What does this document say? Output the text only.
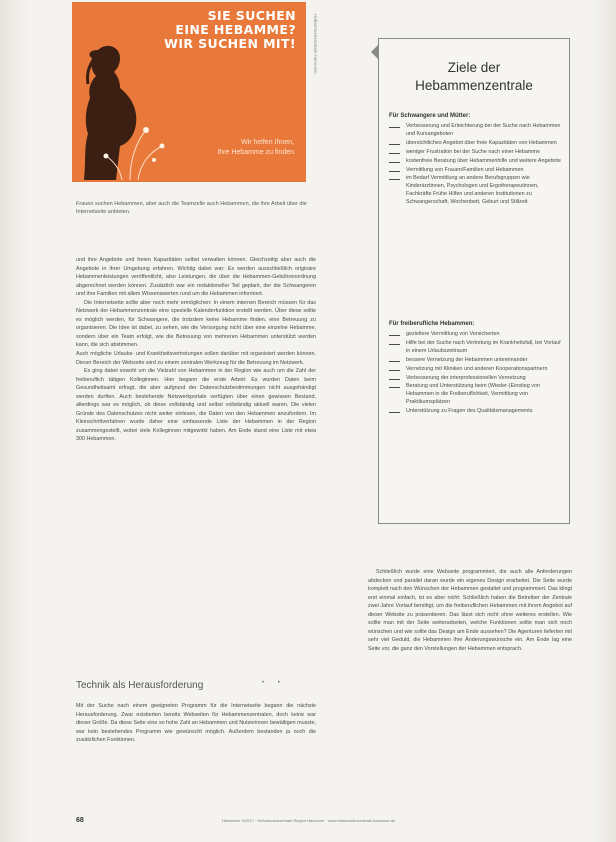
SIE SUCHEN
EINE HEBAMME?
WIR SUCHEN MIT!
Wir helfen Ihnen,
Ihre Hebamme zu finden
Hebammenzentrale Hannover
Frauen suchen Hebammen, aber auch die Teamzelle auch Hebammen, die ihre Arbeit über die Internetseite anbieten.

und ihre Angebote und freien Kapazitäten selbst verwalten können. Gleichzeitig aber auch die Angebote in ihrer Umgebung erfahren. Wichtig dabei war: Es werden ausschließlich originäre Hebammenleistungen veröffentlicht, also Leistungen, die über die Hebammen-Gebührenordnung abgerechnet werden können. Zusätzlich war ein redaktioneller Teil geplant, der die Schwangeren und ihre Familien mit allem Wissenswerten rund um die Hebammen informiert.

Die Internetseite sollte aber noch mehr ermöglichen: In einem internen Bereich müssen für das Netzwerk der Hebammenzentrale eine spezielle Kalenderfunktion erstellt werden. Über diese sollte es möglich werden, für Schwangere, die trotzdem keine Hebamme finden, eine Betreuung zu organisieren. Die Idee ist dabei, zu sehen, wie die Versorgung nicht über eine einzelne Hebamme, sondern über ein Team erfolgt, wie die Betreuung von mehreren Hebammen unterstützt werden kann, die sich abstimmen.

Auch mögliche Urlaubs- und Krankheitsvertretungen sollen darüber mit organisiert werden können. Dieser Bereich der Webseite wird zu einem zentralen Werkzeug für die Betreuung im Netzwerk.

Es ging dabei sowohl um die Vielzahl von Hebammen in der Region wie auch um die Zahl der freiberuflich tätigen Kolleginnen. Hier begann die erste Arbeit: Es wurden Daten beim Gesundheitsamt erfragt, die aber aufgrund der Datenschutzbestimmungen nicht ausgehändigt werden durften. Auch bestehende Netzwerkportale verfügten über einen gewissen Bestand, allerdings war es möglich, ob diese vollständig und selbst vollständig aktuell waren. Die vielen Gründe des Datenschutzes nicht weiter einlesen, die Daten von den Hebammen anzufordern. Im Kleinschrittverfahren wurde daher eine umfassende Liste der Hebammen in der Region zusammengestellt, wobei viele Kolleginnen mitgewirkt haben. Am Ende stand eine Liste mit etwa 300 Hebammen.

Technik als Herausforderung	• •

Mit der Suche nach einem geeigneten Programm für die Internetseite begann die nächste Herausforderung. Zwar existierten bereits Webseiten für Hebammenzentralen, doch keine war dieser Größe. Da diese Seite eine so hohe Zahl an Hebammen und Nutzerinnen bewältigen musste, war kein bestehendes Programm wie gewünscht möglich. Außerdem bestanden ja noch die zusätzlichen Funktionen.

Ziele der
Hebammenzentrale
Für Schwangere und Mütter:
Verbesserung und Erleichterung bei der Suche nach Hebammen und Kursangeboten
übersichtliches Angebot über freie Kapazitäten von Hebammen
weniger Frustration bei der Suche nach einer Hebamme
kostenfreie Beratung über Hebammenhilfe und weitere Angebote
Vermittlung von Frauen/Familien und Hebammen
im Bedarf Vermittlung an andere Berufsgruppen wie Kinderärztinnen, Psychologen und Ergotherapeutinnen, Fachkräfte Frühe Hilfen und anderen Institutionen zu Schwangerschaft, Wochenbett, Geburt und Stillzeit
Für freiberufliche Hebammen:
gezieltere Vermittlung von Versicherten
Hilfe bei der Suche nach Vertretung im Krankheitsfall, bei Vorlauf in einem Urlaubszeitraum
bessere Vernetzung der Hebammen untereinander
Vernetzung mit Kliniken und anderen Kooperationspartnern
Verbesserung der interprofessionellen Vernetzung
Beratung und Unterstützung beim (Wieder-)Einstieg von Hebammen in die Freiberuflichkeit, Vermittlung von Praktikumsplätzen
Unterstützung zu Fragen des Qualitätsmanagements

Schließlich wurde eine Webseite programmiert, die auch alle Anforderungen abdecken und parallel daran wurde ein eigenes Design erarbeitet. Die Seite wurde komplett nach den Wünschen der Hebammen gestaltet und programmiert. Das klingt erst einmal einfach, ist es aber nicht: Schließlich haben die Betreiber der Zentrale zwei Jahre Vorlauf benötigt, um die freiberuflichen Hebammen mit ihrem Angebot auf dieser Website zu präsentieren. Das lässt sich nicht ohne weiteres erstellen. Wie sollte man mit der Seite weiterarbeiten, welche Funktionen sollte man sich noch wünschen und wie sollte das Design am Ende aussehen? Die Agenturen lieferten mit sehr viel Geduld, die Hebammen ihre Änderungswünsche ein. Am Ende lag eine Seite vor, die ganz den Vorstellungen der Hebammen entsprach.

68	Hebamme 3/2017 · Hebammenzentrale Region Hannover · www.hebammenzentrale-hannover.de
